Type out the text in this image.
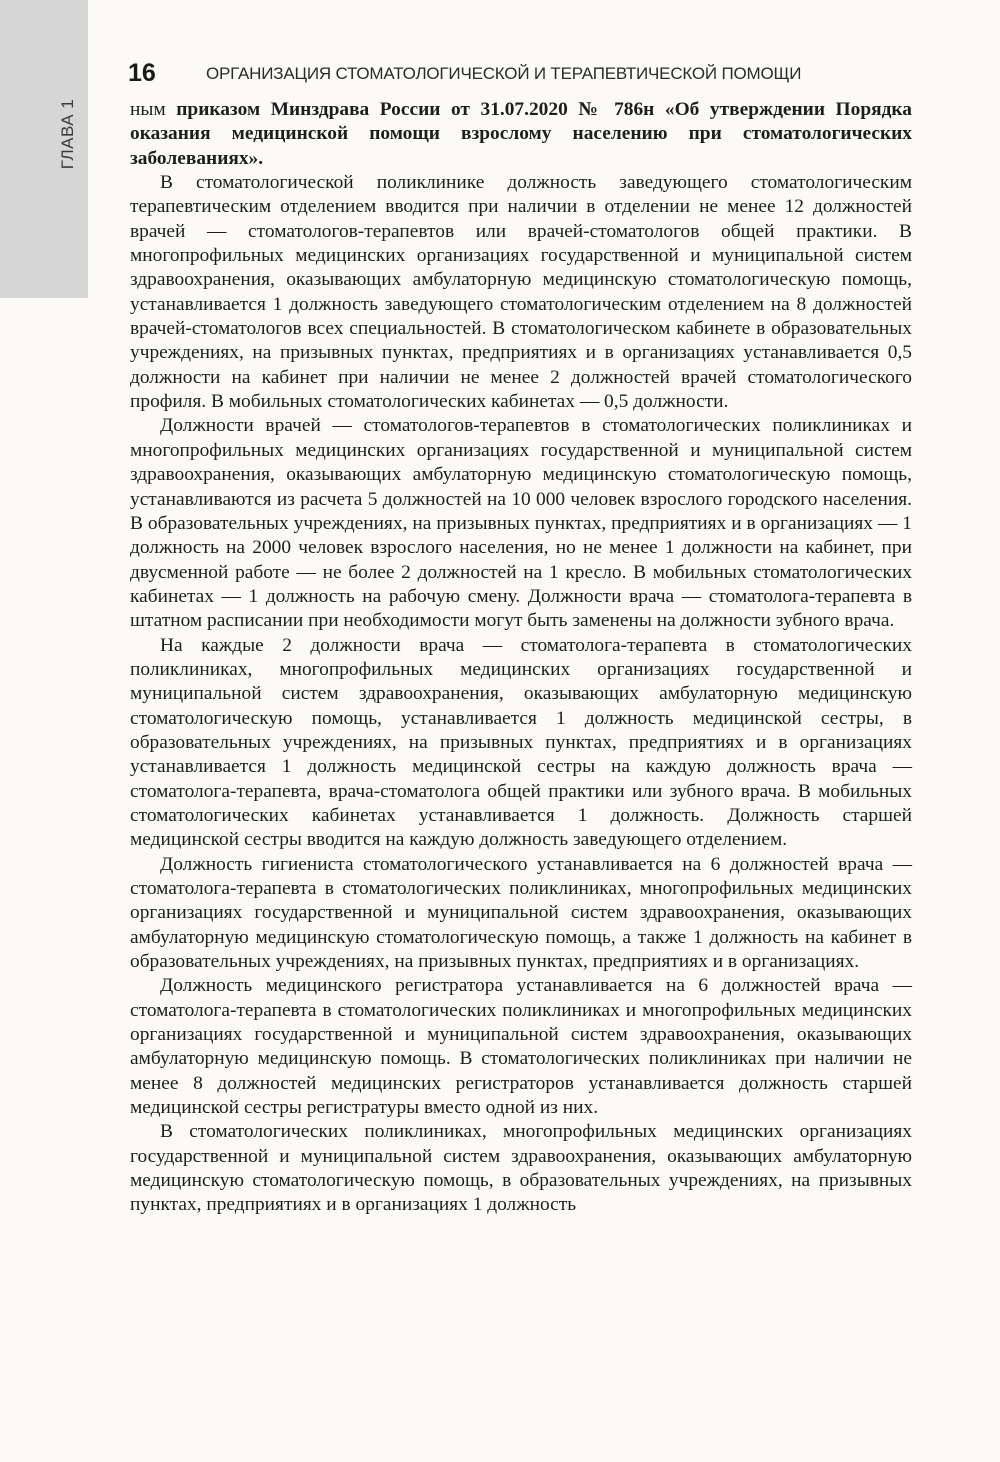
ГЛАВА 1
16	ОРГАНИЗАЦИЯ СТОМАТОЛОГИЧЕСКОЙ И ТЕРАПЕВТИЧЕСКОЙ ПОМОЩИ

ным приказом Минздрава России от 31.07.2020 № 786н «Об утверждении Порядка оказания медицинской помощи взрослому населению при стоматологических заболеваниях».

В стоматологической поликлинике должность заведующего стоматологическим терапевтическим отделением вводится при наличии в отделении не менее 12 должностей врачей — стоматологов-терапевтов или врачей-стоматологов общей практики. В многопрофильных медицинских организациях государственной и муниципальной систем здравоохранения, оказывающих амбулаторную медицинскую стоматологическую помощь, устанавливается 1 должность заведующего стоматологическим отделением на 8 должностей врачей-стоматологов всех специальностей. В стоматологическом кабинете в образовательных учреждениях, на призывных пунктах, предприятиях и в организациях устанавливается 0,5 должности на кабинет при наличии не менее 2 должностей врачей стоматологического профиля. В мобильных стоматологических кабинетах — 0,5 должности.

Должности врачей — стоматологов-терапевтов в стоматологических поликлиниках и многопрофильных медицинских организациях государственной и муниципальной систем здравоохранения, оказывающих амбулаторную медицинскую стоматологическую помощь, устанавливаются из расчета 5 должностей на 10 000 человек взрослого городского населения. В образовательных учреждениях, на призывных пунктах, предприятиях и в организациях — 1 должность на 2000 человек взрослого населения, но не менее 1 должности на кабинет, при двусменной работе — не более 2 должностей на 1 кресло. В мобильных стоматологических кабинетах — 1 должность на рабочую смену. Должности врача — стоматолога-терапевта в штатном расписании при необходимости могут быть заменены на должности зубного врача.

На каждые 2 должности врача — стоматолога-терапевта в стоматологических поликлиниках, многопрофильных медицинских организациях государственной и муниципальной систем здравоохранения, оказывающих амбулаторную медицинскую стоматологическую помощь, устанавливается 1 должность медицинской сестры, в образовательных учреждениях, на призывных пунктах, предприятиях и в организациях устанавливается 1 должность медицинской сестры на каждую должность врача — стоматолога-терапевта, врача-стоматолога общей практики или зубного врача. В мобильных стоматологических кабинетах устанавливается 1 должность. Должность старшей медицинской сестры вводится на каждую должность заведующего отделением.

Должность гигиениста стоматологического устанавливается на 6 должностей врача — стоматолога-терапевта в стоматологических поликлиниках, многопрофильных медицинских организациях государственной и муниципальной систем здравоохранения, оказывающих амбулаторную медицинскую стоматологическую помощь, а также 1 должность на кабинет в образовательных учреждениях, на призывных пунктах, предприятиях и в организациях.

Должность медицинского регистратора устанавливается на 6 должностей врача — стоматолога-терапевта в стоматологических поликлиниках и многопрофильных медицинских организациях государственной и муниципальной систем здравоохранения, оказывающих амбулаторную медицинскую помощь. В стоматологических поликлиниках при наличии не менее 8 должностей медицинских регистраторов устанавливается должность старшей медицинской сестры регистратуры вместо одной из них.

В стоматологических поликлиниках, многопрофильных медицинских организациях государственной и муниципальной систем здравоохранения, оказывающих амбулаторную медицинскую стоматологическую помощь, в образовательных учреждениях, на призывных пунктах, предприятиях и в организациях 1 должность
